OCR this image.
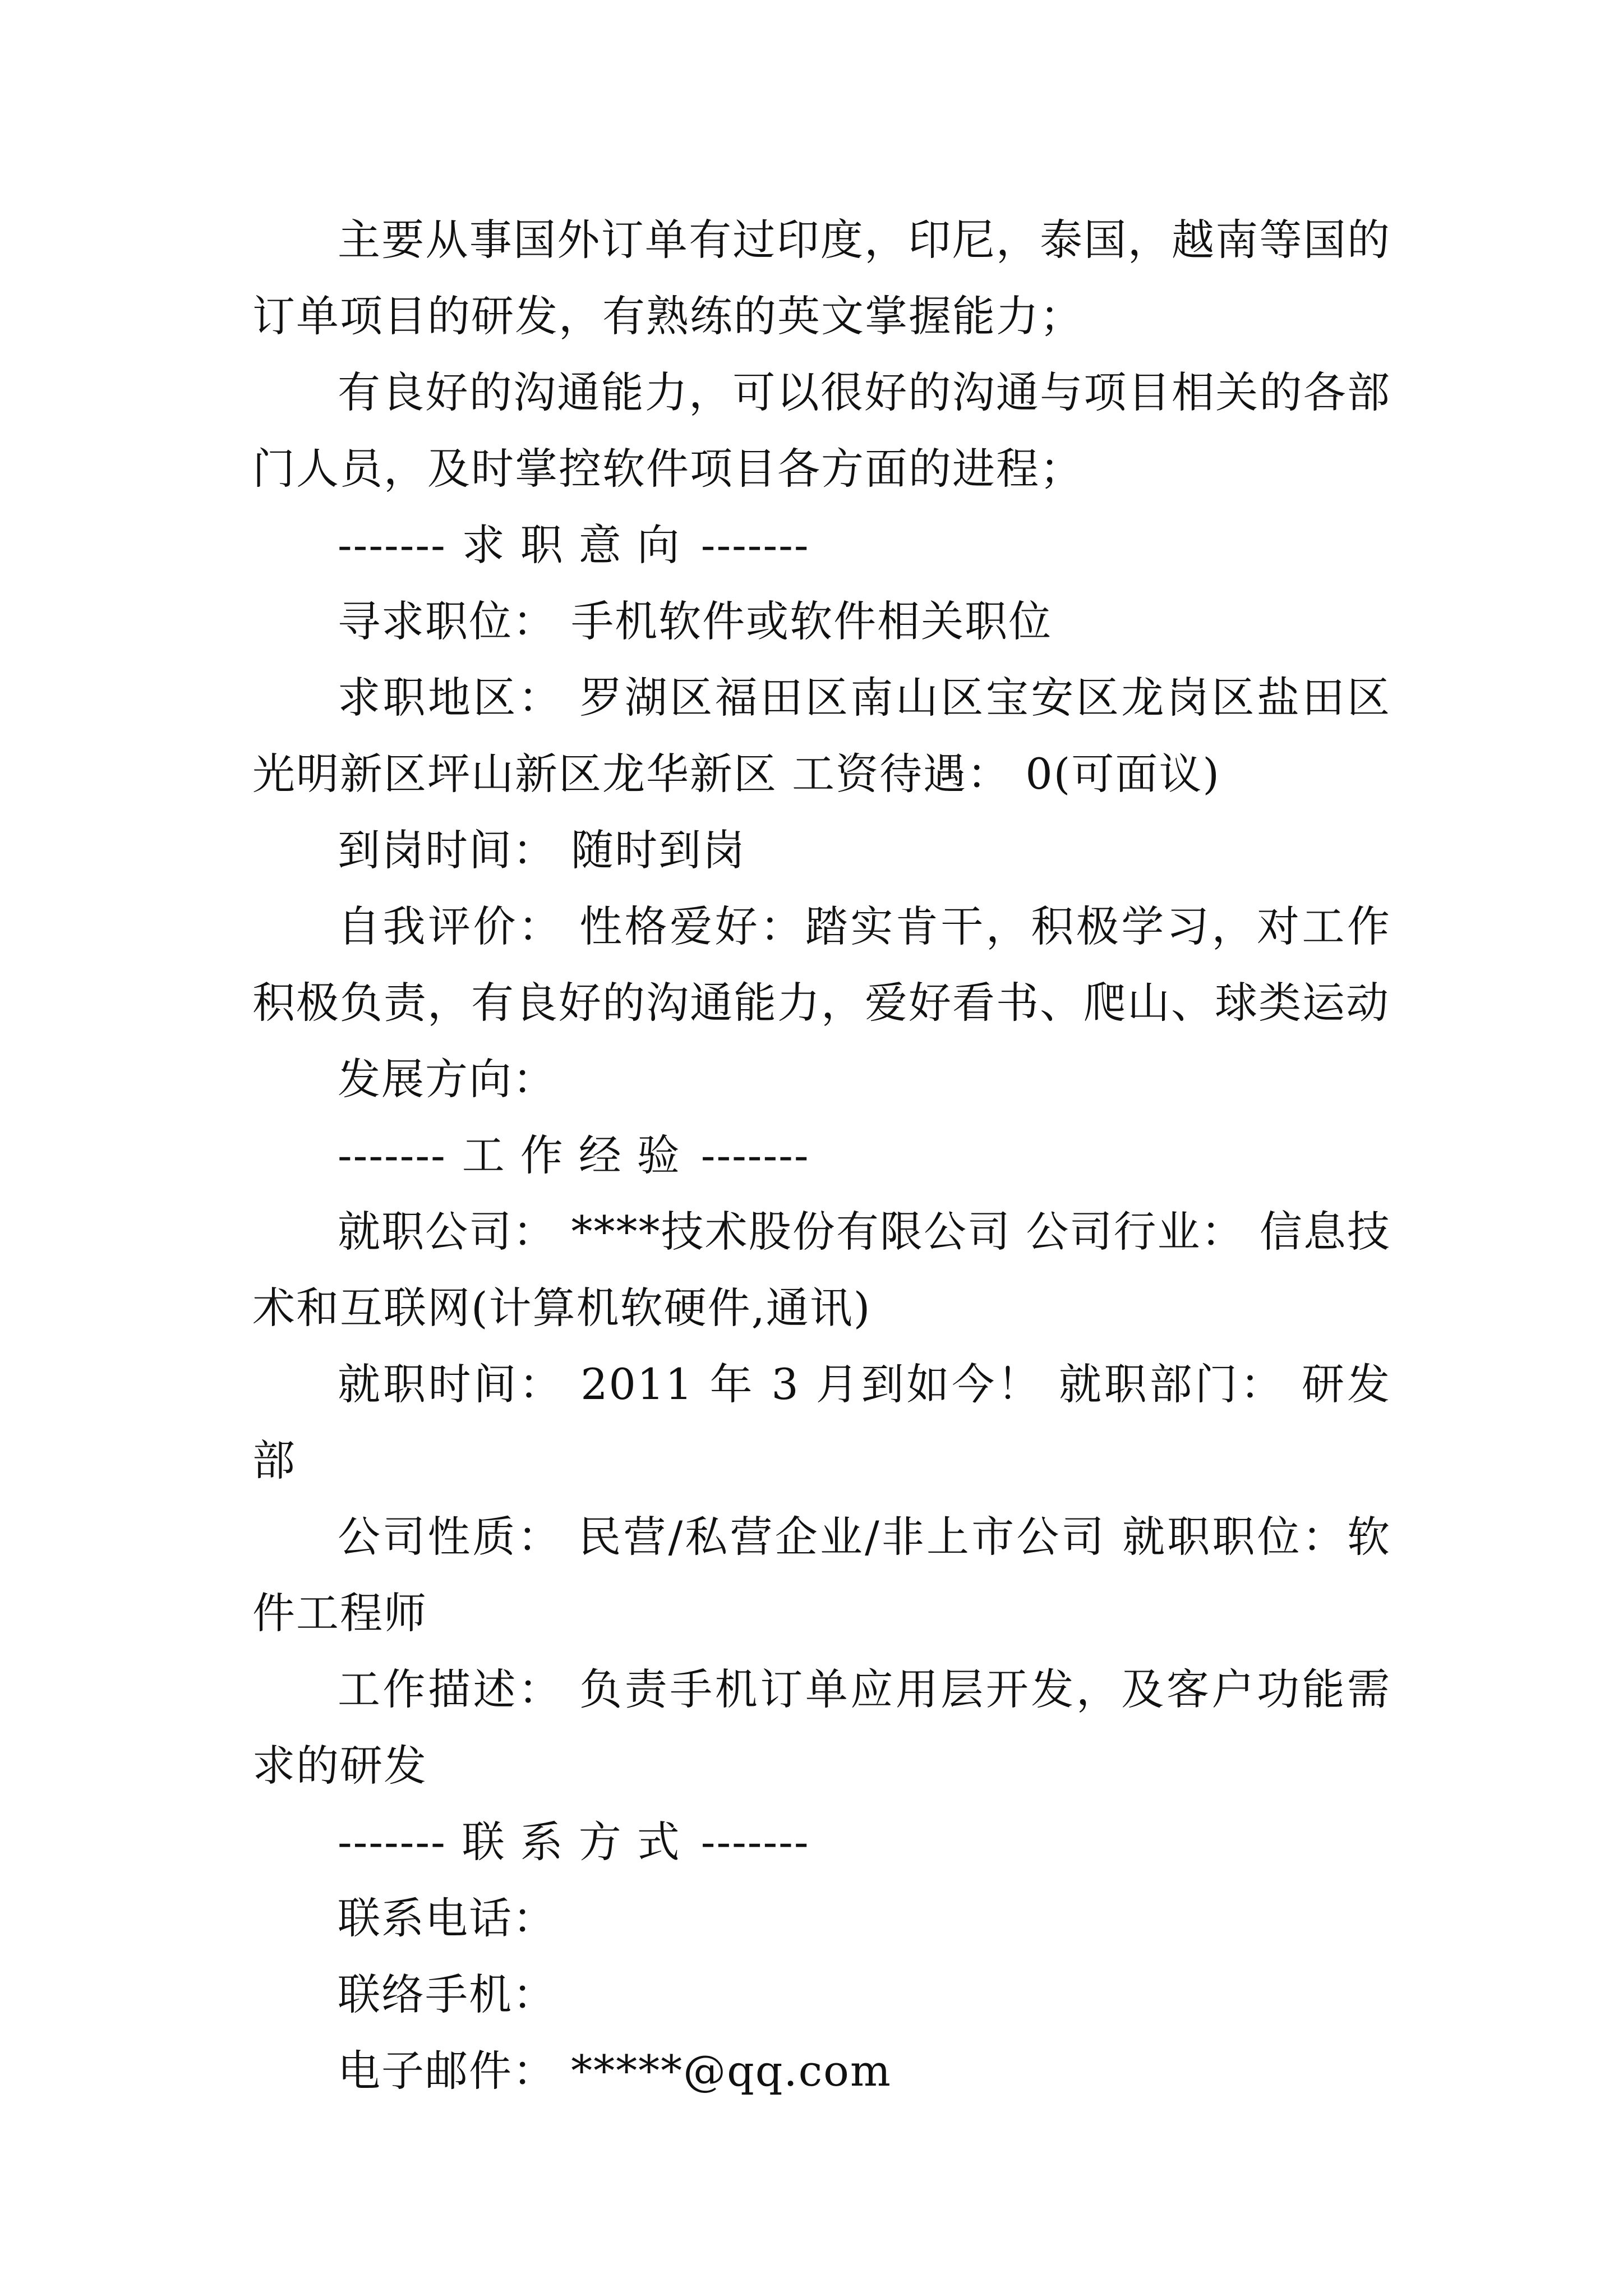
主要从事国外订单有过印度，印尼，泰国，越南等国的订单项目的研发，有熟练的英文掌握能力；

有良好的沟通能力，可以很好的沟通与项目相关的各部门人员，及时掌控软件项目各方面的进程；

------- 求职意向 -------

寻求职位： 手机软件或软件相关职位

求职地区： 罗湖区福田区南山区宝安区龙岗区盐田区光明新区坪山新区龙华新区 工资待遇： 0(可面议)

到岗时间： 随时到岗

自我评价： 性格爱好：踏实肯干，积极学习，对工作积极负责，有良好的沟通能力，爱好看书、爬山、球类运动

发展方向：

------- 工作经验 -------

就职公司： ****技术股份有限公司 公司行业： 信息技术和互联网(计算机软硬件,通讯)

就职时间： 2011 年 3 月到如今！ 就职部门： 研发部

公司性质： 民营/私营企业/非上市公司 就职职位：软件工程师

工作描述： 负责手机订单应用层开发，及客户功能需求的研发

------- 联系方式 -------

联系电话：

联络手机：

电子邮件： *****@qq.com
